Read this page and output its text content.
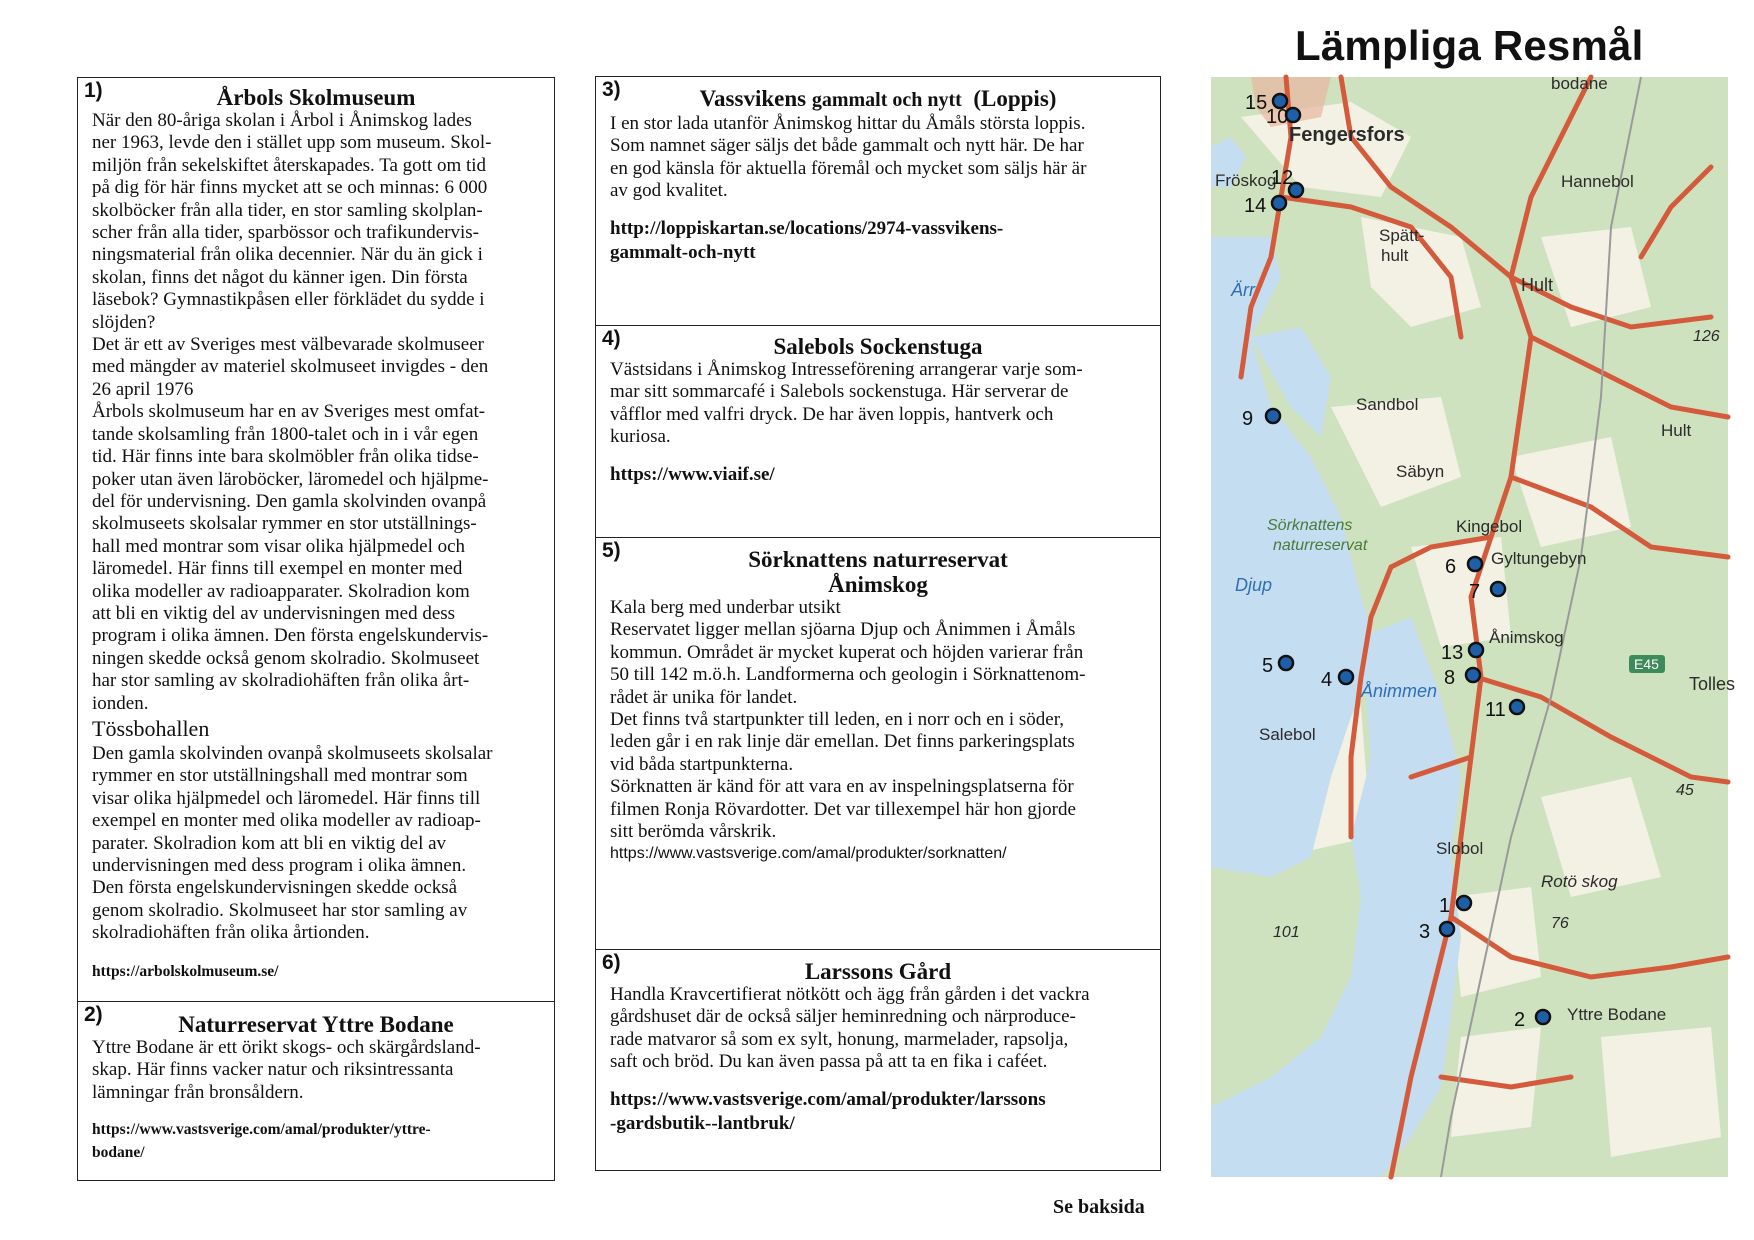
Lämpliga Resmål
1)	Årbols Skolmuseum

När den 80-åriga skolan i Årbol i Ånimskog lades

ner 1963, levde den i stället upp som museum. Skol-

miljön från sekelskiftet återskapades. Ta gott om tid

på dig för här finns mycket att se och minnas: 6 000

skolböcker från alla tider, en stor samling skolplan-

scher från alla tider, sparbössor och trafikundervis-

ningsmaterial från olika decennier. När du än gick i

skolan, finns det något du känner igen. Din första

läsebok? Gymnastikpåsen eller förklädet du sydde i

slöjden?

Det är ett av Sveriges mest välbevarade skolmuseer

med mängder av materiel skolmuseet invigdes - den

26 april 1976

Årbols skolmuseum har en av Sveriges mest omfat-

tande skolsamling från 1800-talet och in i vår egen

tid. Här finns inte bara skolmöbler från olika tidse-

poker utan även läroböcker, läromedel och hjälpme-

del för undervisning. Den gamla skolvinden ovanpå

skolmuseets skolsalar rymmer en stor utställnings-

hall med montrar som visar olika hjälpmedel och

läromedel. Här finns till exempel en monter med

olika modeller av radioapparater. Skolradion kom

att bli en viktig del av undervisningen med dess

program i olika ämnen. Den första engelskundervis-

ningen skedde också genom skolradio. Skolmuseet

har stor samling av skolradiohäften från olika årt-

ionden.

Tössbohallen

Den gamla skolvinden ovanpå skolmuseets skolsalar

rymmer en stor utställningshall med montrar som

visar olika hjälpmedel och läromedel. Här finns till

exempel en monter med olika modeller av radioap-

parater. Skolradion kom att bli en viktig del av

undervisningen med dess program i olika ämnen.

Den första engelskundervisningen skedde också

genom skolradio. Skolmuseet har stor samling av

skolradiohäften från olika årtionden.

https://arbolskolmuseum.se/

2)	Naturreservat Yttre Bodane

Yttre Bodane är ett örikt skogs- och skärgårdsland-

skap. Här finns vacker natur och riksintressanta

lämningar från bronsåldern.

https://www.vastsverige.com/amal/produkter/yttre-

bodane/

3)	Vassvikens gammalt och nytt  (Loppis)

I en stor lada utanför Ånimskog hittar du Åmåls största loppis.

Som namnet säger säljs det både gammalt och nytt här. De har

en god känsla för aktuella föremål och mycket som säljs här är

av god kvalitet.

http://loppiskartan.se/locations/2974-vassvikens-

gammalt-och-nytt

4)	Salebols Sockenstuga

Västsidans i Ånimskog Intresseförening arrangerar varje som-

mar sitt sommarcafé i Salebols sockenstuga. Här serverar de

våfflor med valfri dryck. De har även loppis, hantverk och

kuriosa.

https://www.viaif.se/

5)	Sörknattens naturreservat
Ånimskog

Kala berg med underbar utsikt

Reservatet ligger mellan sjöarna Djup och Ånimmen i Åmåls

kommun. Området är mycket kuperat och höjden varierar från

50 till 142 m.ö.h. Landformerna och geologin i Sörknattenom-

rådet är unika för landet.

Det finns två startpunkter till leden, en i norr och en i söder,

leden går i en rak linje där emellan. Det finns parkeringsplats

vid båda startpunkterna.

Sörknatten är känd för att vara en av inspelningsplatserna för

filmen Ronja Rövardotter. Det var tillexempel här hon gjorde

sitt berömda vårskrik.

https://www.vastsverige.com/amal/produkter/sorknatten/

6)	Larssons Gård

Handla Kravcertifierat nötkött och ägg från gården i det vackra

gårdshuset där de också säljer heminredning och närproduce-

rade matvaror så som ex sylt, honung, marmelader, rapsolja,

saft och bröd. Du kan även passa på att ta en fika i caféet.

https://www.vastsverige.com/amal/produkter/larssons

-gardsbutik--lantbruk/

Se baksida
bodane
Fengersfors
Hannebol
Fröskog
Spätt-
hult
Ärr	Hult
126
Sandbol
Hult
Säbyn
Kingebol
Sörknattens
naturreservat
Gyltungebyn
Djup
Ånimskog
E45
Tolles
Ånimmen
Salebol
45
Slobol
Rotö skog
101
76
Yttre Bodane
15
10
12
14
9
6
7
13
5
4	8
11
1
3
2
